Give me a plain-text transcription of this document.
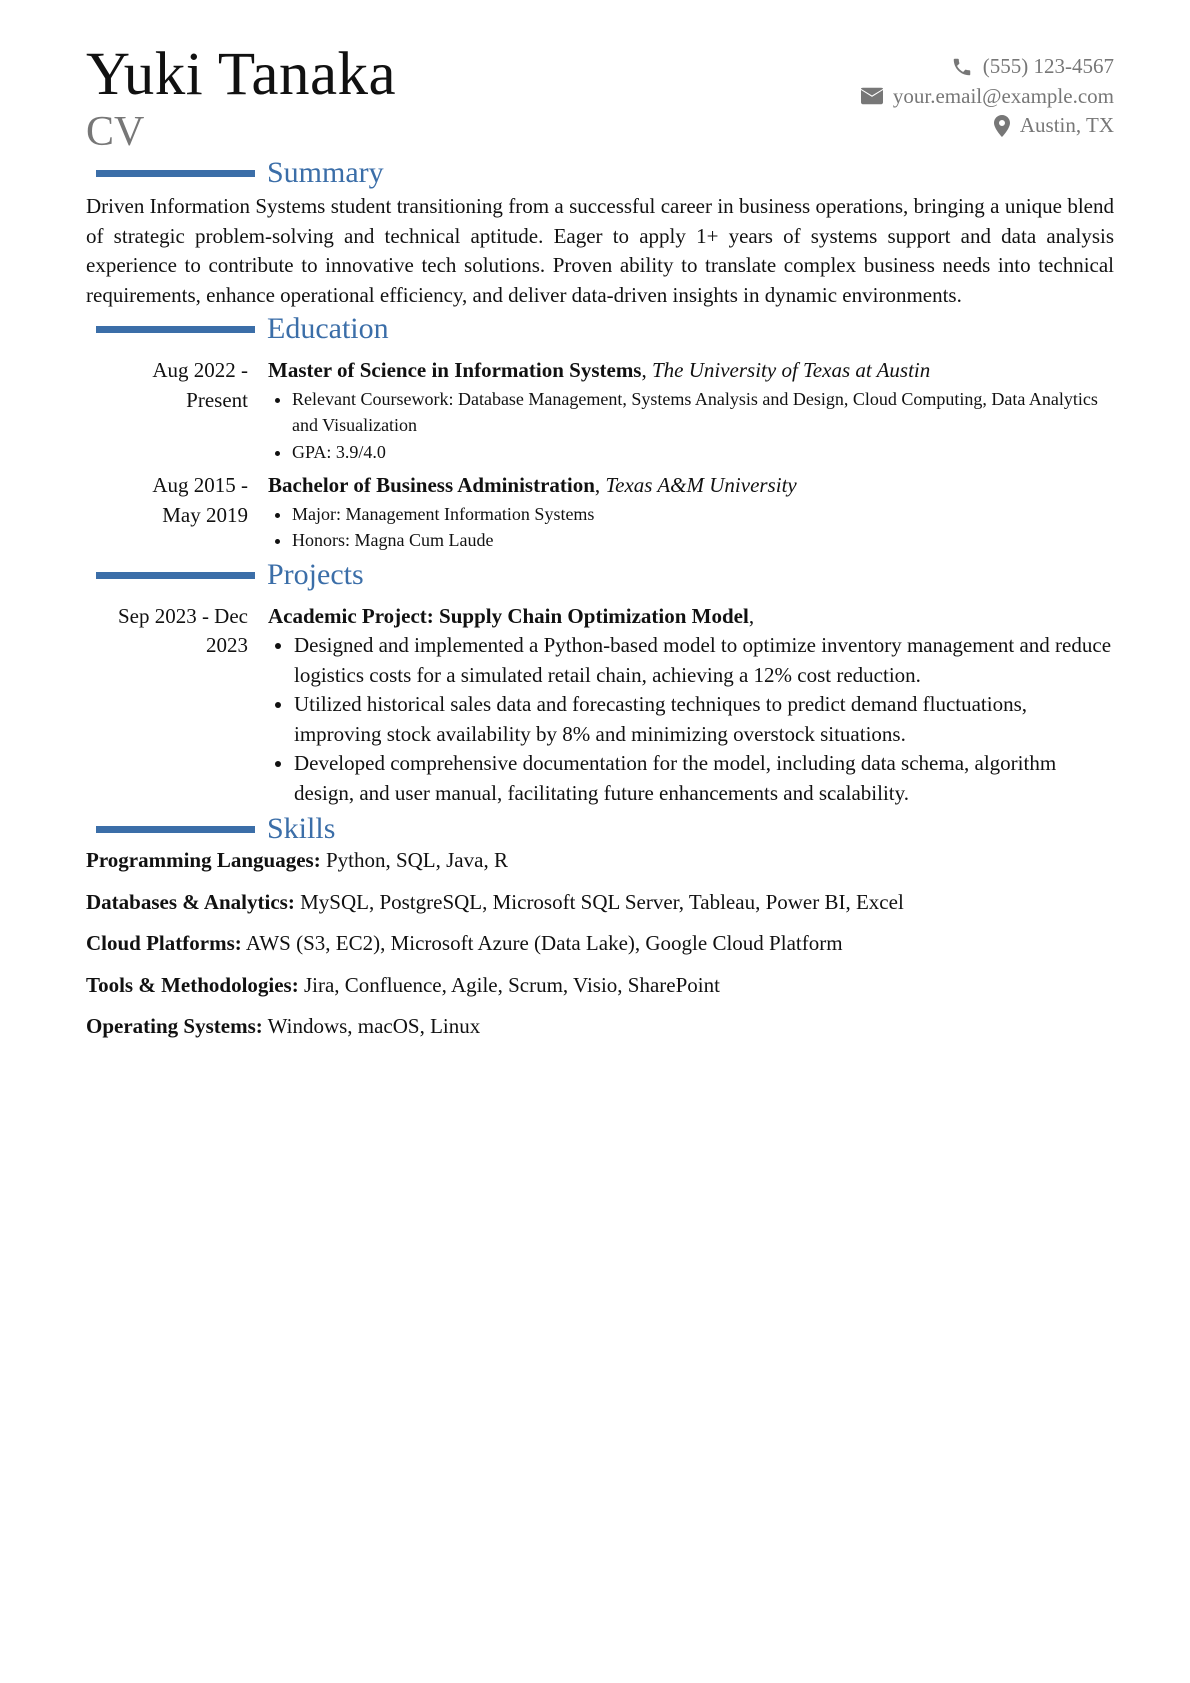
Yuki Tanaka
CV
(555) 123-4567
your.email@example.com
Austin, TX
Summary

Driven Information Systems student transitioning from a successful career in business operations, bringing a unique blend of strategic problem-solving and technical aptitude. Eager to apply 1+ years of systems support and data analysis experience to contribute to innovative tech solutions. Proven ability to translate complex business needs into technical requirements, enhance operational efficiency, and deliver data-driven insights in dynamic environments.

Education
Aug 2022 -
Present
Master of Science in Information Systems, The University of Texas at Austin
• Relevant Coursework: Database Management, Systems Analysis and Design, Cloud Computing, Data Analytics and Visualization
• GPA: 3.9/4.0
Aug 2015 -
May 2019
Bachelor of Business Administration, Texas A&M University
• Major: Management Information Systems
• Honors: Magna Cum Laude
Projects
Sep 2023 - Dec
2023
Academic Project: Supply Chain Optimization Model,
• Designed and implemented a Python-based model to optimize inventory management and reduce logistics costs for a simulated retail chain, achieving a 12% cost reduction.
• Utilized historical sales data and forecasting techniques to predict demand fluctuations, improving stock availability by 8% and minimizing overstock situations.
• Developed comprehensive documentation for the model, including data schema, algorithm design, and user manual, facilitating future enhancements and scalability.
Skills
Programming Languages: Python, SQL, Java, R
Databases & Analytics: MySQL, PostgreSQL, Microsoft SQL Server, Tableau, Power BI, Excel
Cloud Platforms: AWS (S3, EC2), Microsoft Azure (Data Lake), Google Cloud Platform
Tools & Methodologies: Jira, Confluence, Agile, Scrum, Visio, SharePoint
Operating Systems: Windows, macOS, Linux
